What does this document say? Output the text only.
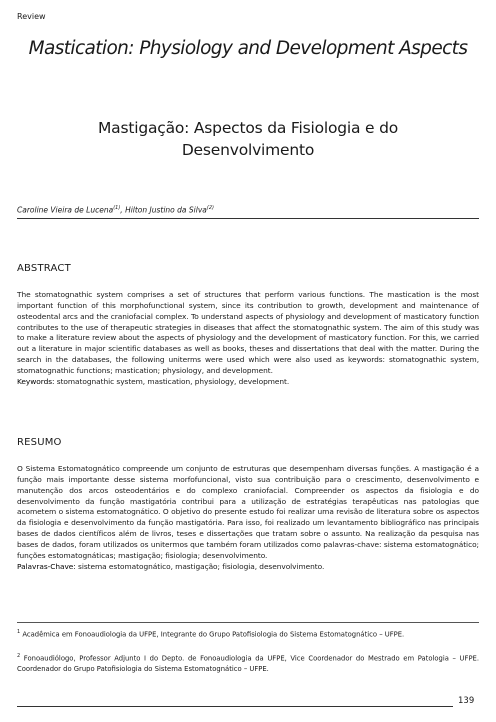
Review
Mastication: Physiology and Development Aspects
Mastigação: Aspectos da Fisiologia e do Desenvolvimento
Caroline Vieira de Lucena$^{(1)}$, Hilton Justino da Silva$^{(2)}$
ABSTRACT
The stomatognathic system comprises a set of structures that perform various functions. The mastication is the most important function of this morphofunctional system, since its contribution to growth, development and maintenance of osteodental arcs and the craniofacial complex. To understand aspects of physiology and development of masticatory function contributes to the use of therapeutic strategies in diseases that affect the stomatognathic system. The aim of this study was to make a literature review about the aspects of physiology and the development of masticatory function. For this, we carried out a literature in major scientific databases as well as books, theses and dissertations that deal with the matter. During the search in the databases, the following uniterms were used which were also used as keywords: stomatognathic system, stomatognathic functions; mastication; physiology, and development.
Keywords: stomatognathic system, mastication, physiology, development.
RESUMO
O Sistema Estomatognático compreende um conjunto de estruturas que desempenham diversas funções. A mastigação é a função mais importante desse sistema morfofuncional, visto sua contribuição para o crescimento, desenvolvimento e manutenção dos arcos osteodentários e do complexo craniofacial. Compreender os aspectos da fisiologia e do desenvolvimento da função mastigatória contribui para a utilização de estratégias terapêuticas nas patologias que acometem o sistema estomatognático. O objetivo do presente estudo foi realizar uma revisão de literatura sobre os aspectos da fisiologia e desenvolvimento da função mastigatória. Para isso, foi realizado um levantamento bibliográfico nas principais bases de dados científicos além de livros, teses e dissertações que tratam sobre o assunto. Na realização da pesquisa nas bases de dados, foram utilizados os unitermos que também foram utilizados como palavras-chave: sistema estomatognático; funções estomatognáticas; mastigação; fisiologia; desenvolvimento.
Palavras-Chave: sistema estomatognático, mastigação; fisiologia, desenvolvimento.
$^1$ Acadêmica em Fonoaudiologia da UFPE, Integrante do Grupo Patofisiologia do Sistema Estomatognático – UFPE.
$^2$ Fonoaudiólogo, Professor Adjunto I do Depto. de Fonoaudiologia da UFPE, Vice Coordenador do Mestrado em Patologia – UFPE. Coordenador do Grupo Patofisiologia do Sistema Estomatognático – UFPE.
139
